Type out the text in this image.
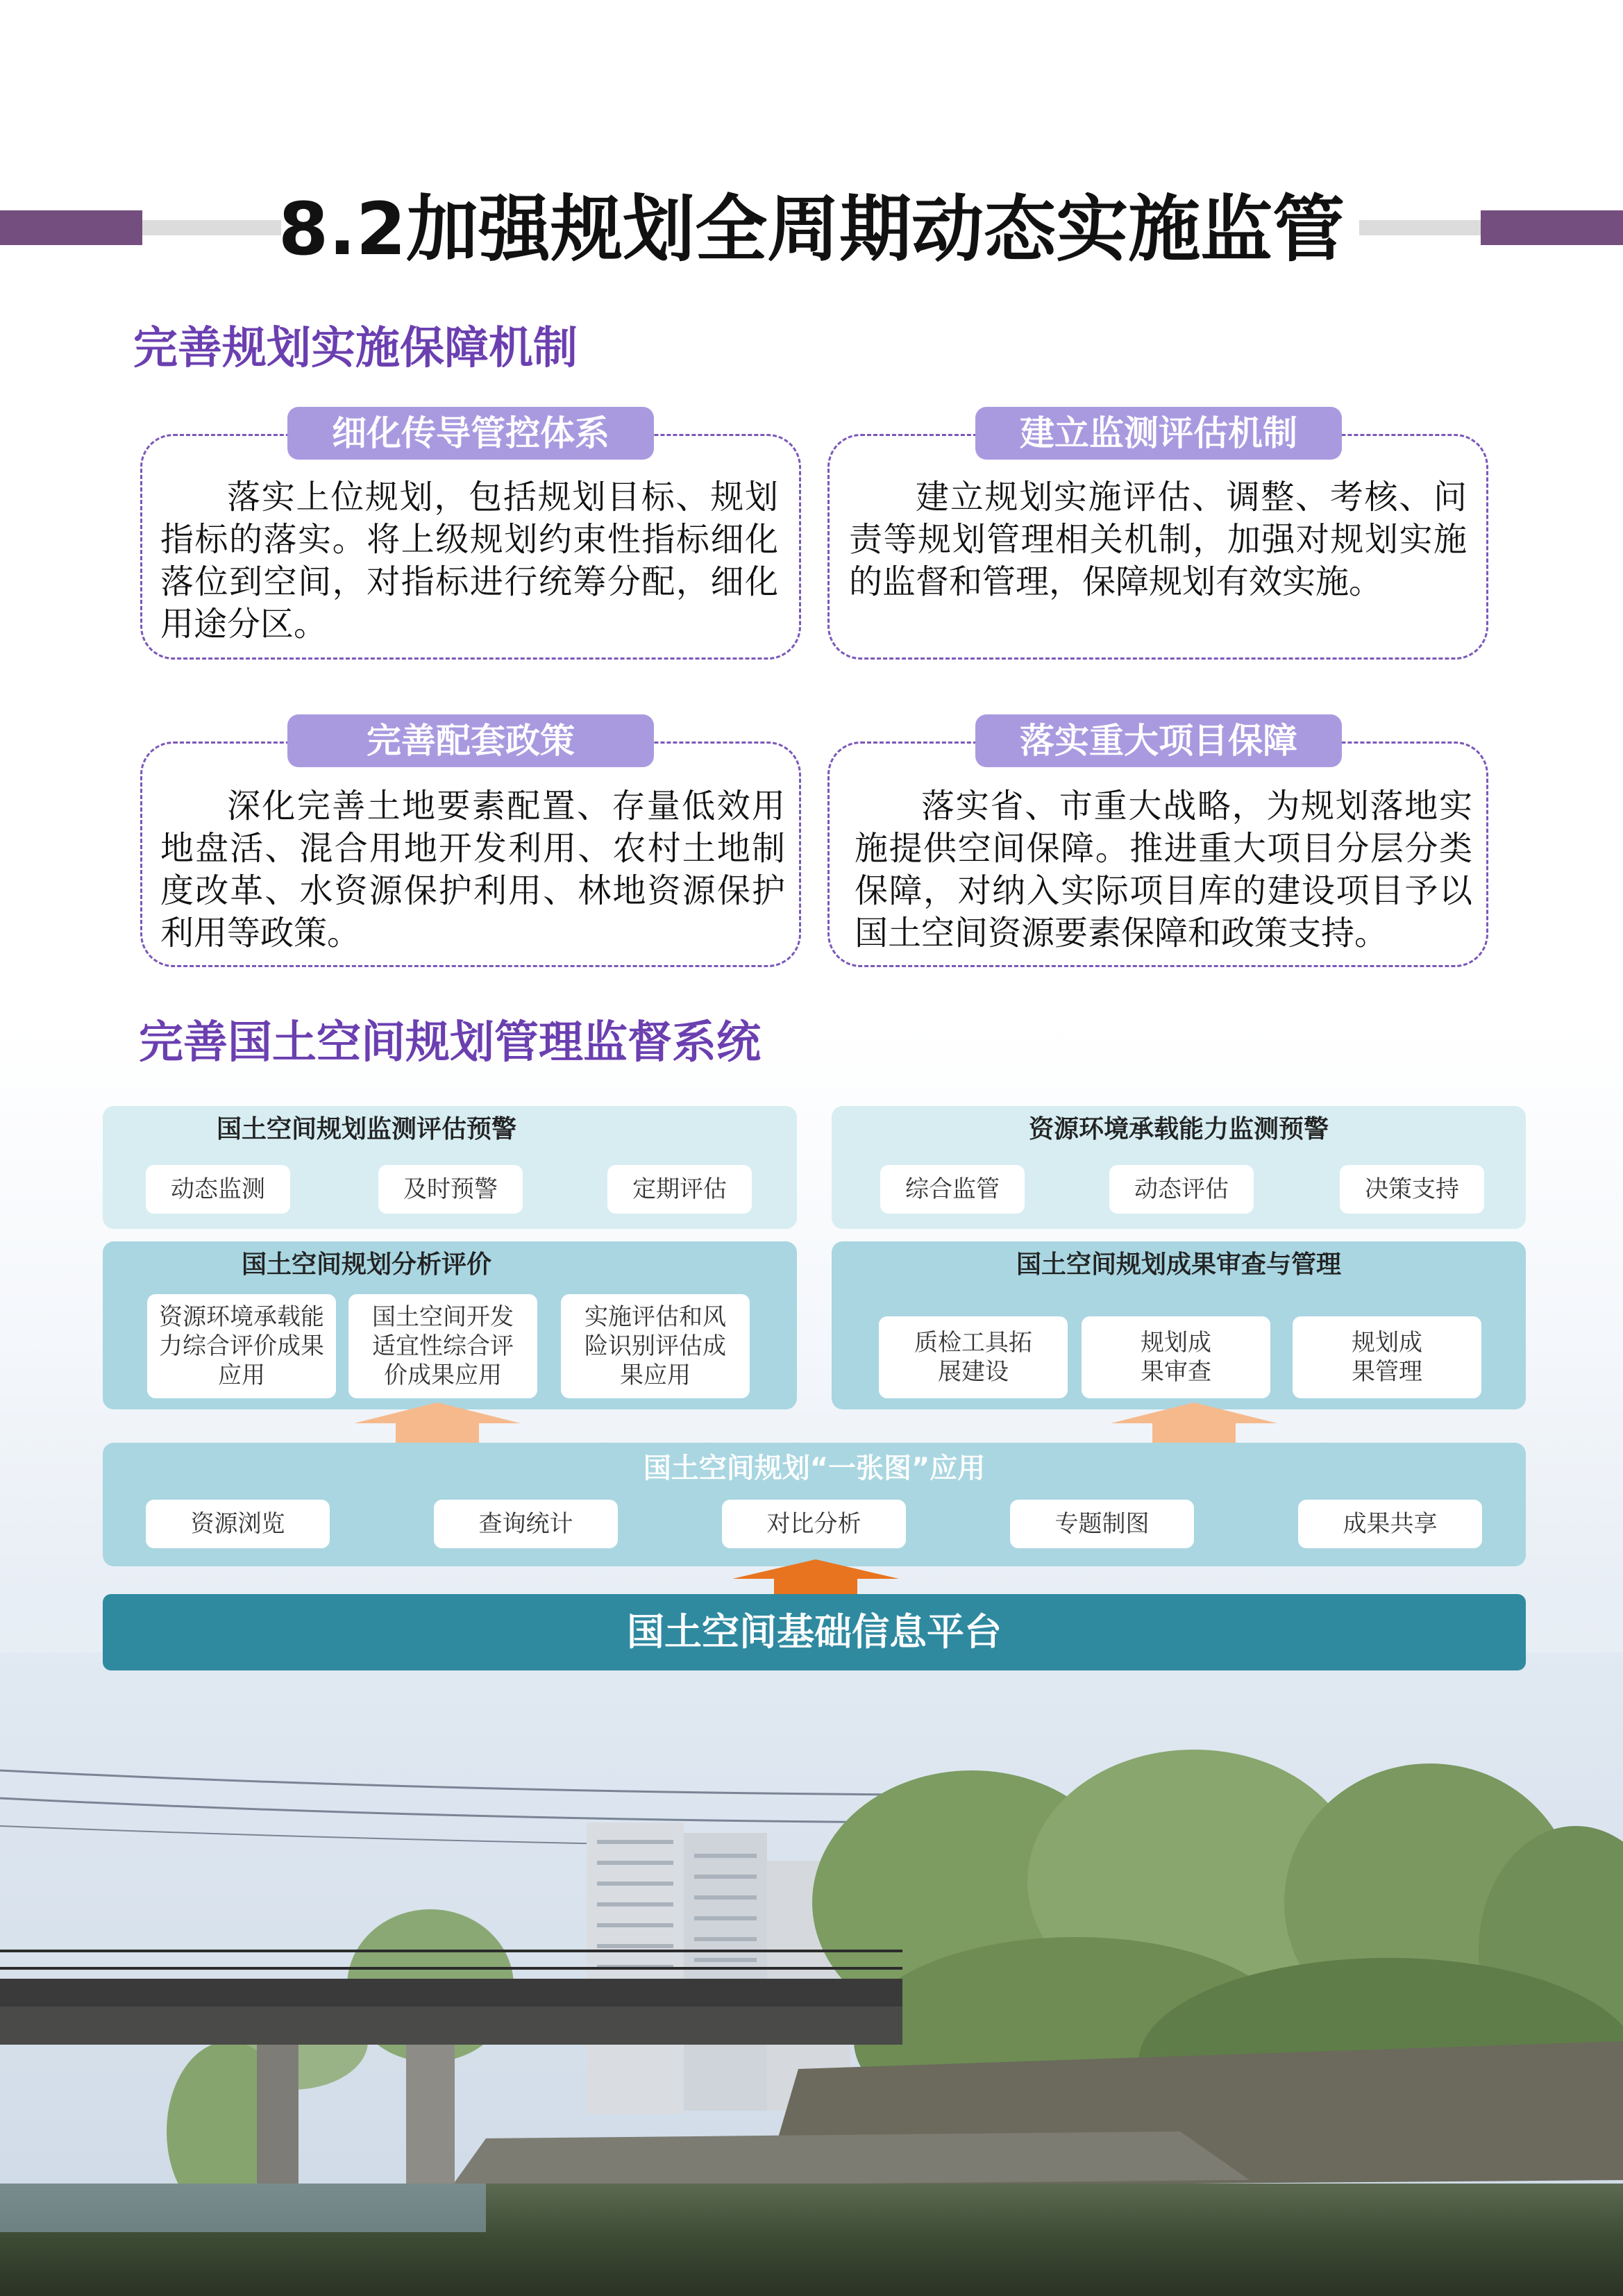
8.2加强规划全周期动态实施监管
完善规划实施保障机制
落实上位规划，包括规划目标、规划指标的落实。将上级规划约束性指标细化落位到空间，对指标进行统筹分配，细化用途分区。
细化传导管控体系
建立规划实施评估、调整、考核、问责等规划管理相关机制，加强对规划实施的监督和管理，保障规划有效实施。
建立监测评估机制
深化完善土地要素配置、存量低效用地盘活、混合用地开发利用、农村土地制度改革、水资源保护利用、林地资源保护利用等政策。
完善配套政策
落实省、市重大战略，为规划落地实施提供空间保障。推进重大项目分层分类保障，对纳入实际项目库的建设项目予以国土空间资源要素保障和政策支持。
落实重大项目保障
完善国土空间规划管理监督系统
国土空间规划监测评估预警
动态监测	及时预警	定期评估
资源环境承载能力监测预警
综合监管	动态评估	决策支持
国土空间规划分析评价
资源环境承载能力综合评价成果应用
国土空间开发适宜性综合评价成果应用
实施评估和风险识别评估成果应用
国土空间规划成果审查与管理
质检工具拓展建设
规划成果审查
规划成果管理
国土空间规划“一张图”应用
资源浏览	查询统计	对比分析	专题制图	成果共享
国土空间基础信息平台
